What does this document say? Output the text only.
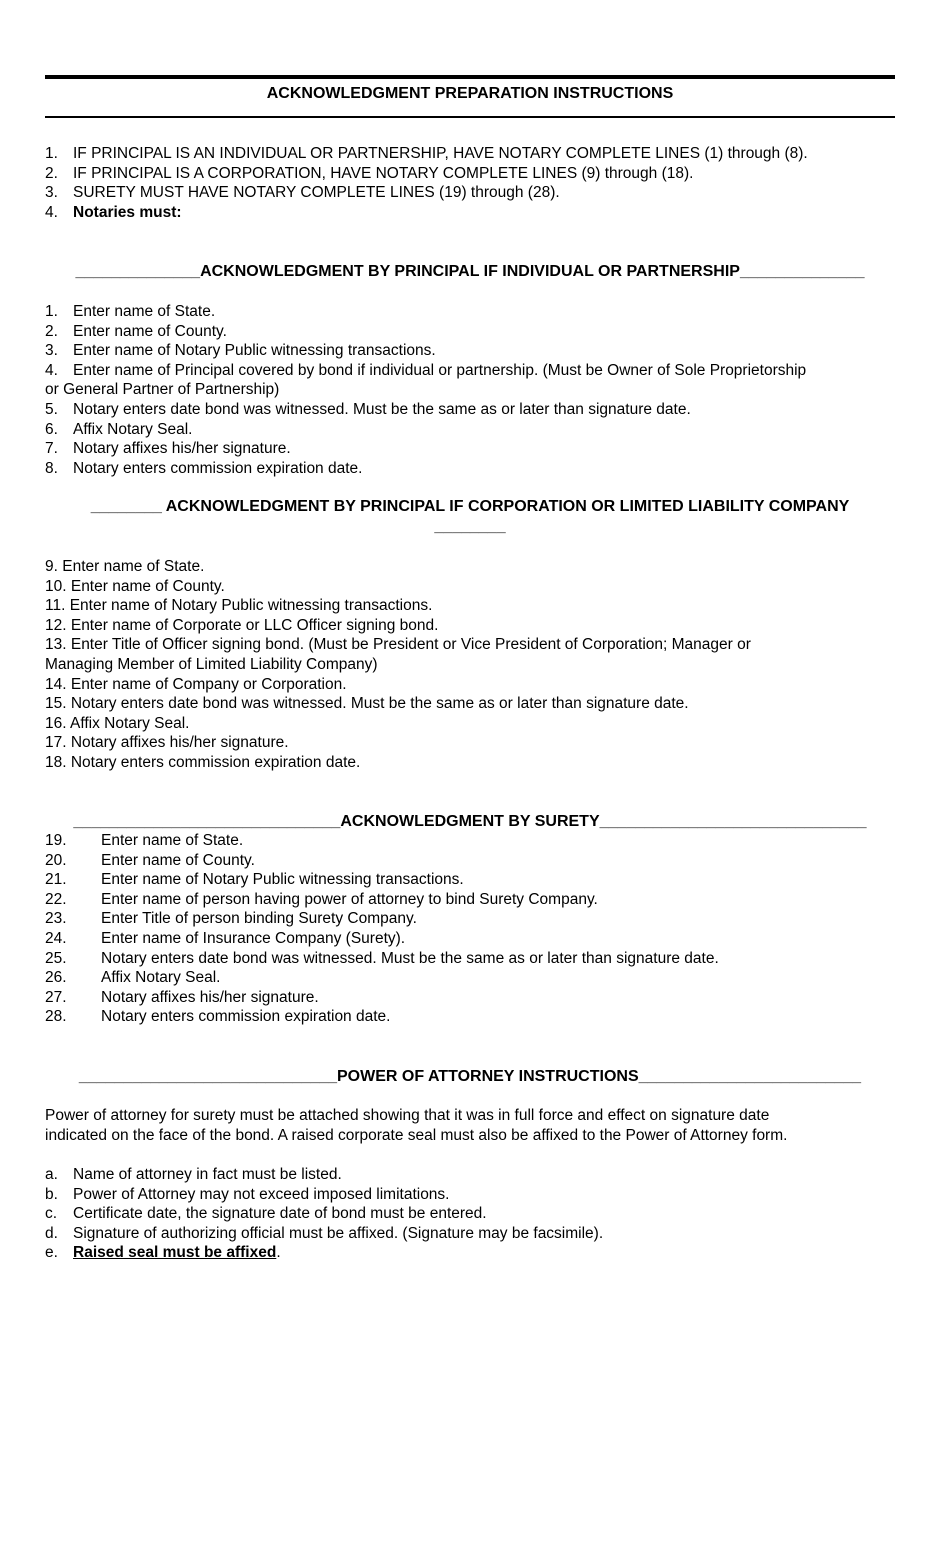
ACKNOWLEDGMENT PREPARATION INSTRUCTIONS
1. IF PRINCIPAL IS AN INDIVIDUAL OR PARTNERSHIP, HAVE NOTARY COMPLETE LINES (1) through (8).
2. IF PRINCIPAL IS A CORPORATION, HAVE NOTARY COMPLETE LINES (9) through (18).
3. SURETY MUST HAVE NOTARY COMPLETE LINES (19) through (28).
4. Notaries must:
______________ACKNOWLEDGMENT BY PRINCIPAL IF INDIVIDUAL OR PARTNERSHIP______________
1. Enter name of State.
2. Enter name of County.
3. Enter name of Notary Public witnessing transactions.
4. Enter name of Principal covered by bond if individual or partnership. (Must be Owner of Sole Proprietorship
or General Partner of Partnership)
5. Notary enters date bond was witnessed. Must be the same as or later than signature date.
6. Affix Notary Seal.
7. Notary affixes his/her signature.
8. Notary enters commission expiration date.
________ ACKNOWLEDGMENT BY PRINCIPAL IF CORPORATION OR LIMITED LIABILITY COMPANY
________
9. Enter name of State.
10. Enter name of County.
11. Enter name of Notary Public witnessing transactions.
12. Enter name of Corporate or LLC Officer signing bond.
13. Enter Title of Officer signing bond. (Must be President or Vice President of Corporation; Manager or
Managing Member of Limited Liability Company)
14. Enter name of Company or Corporation.
15. Notary enters date bond was witnessed. Must be the same as or later than signature date.
16. Affix Notary Seal.
17. Notary affixes his/her signature.
18. Notary enters commission expiration date.
______________________________ACKNOWLEDGMENT BY SURETY______________________________
19. Enter name of State.
20. Enter name of County.
21. Enter name of Notary Public witnessing transactions.
22. Enter name of person having power of attorney to bind Surety Company.
23. Enter Title of person binding Surety Company.
24. Enter name of Insurance Company (Surety).
25. Notary enters date bond was witnessed. Must be the same as or later than signature date.
26. Affix Notary Seal.
27. Notary affixes his/her signature.
28. Notary enters commission expiration date.
_____________________________POWER OF ATTORNEY INSTRUCTIONS_________________________
Power of attorney for surety must be attached showing that it was in full force and effect on signature date
indicated on the face of the bond. A raised corporate seal must also be affixed to the Power of Attorney form.
a. Name of attorney in fact must be listed.
b. Power of Attorney may not exceed imposed limitations.
c. Certificate date, the signature date of bond must be entered.
d. Signature of authorizing official must be affixed. (Signature may be facsimile).
e. Raised seal must be affixed.
